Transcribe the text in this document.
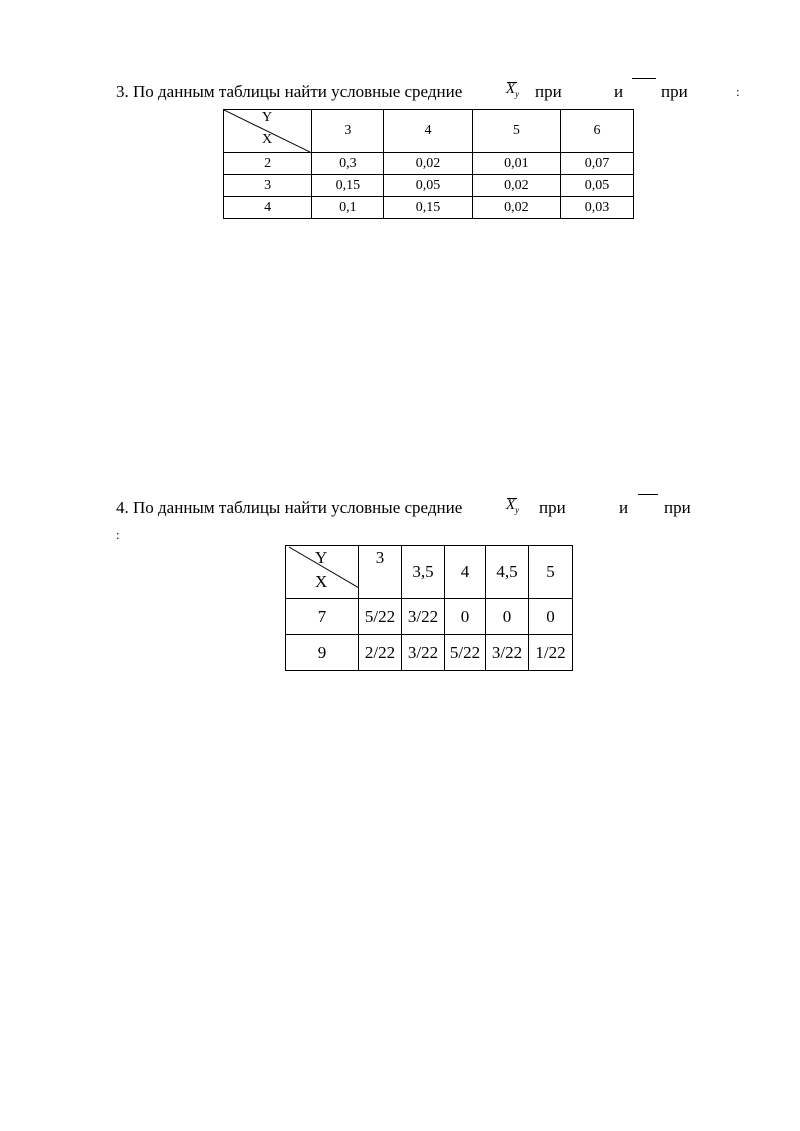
3. По данным таблицы найти условные средние	$X_y$ при	и при	:
Y
X	3	4	5	6
2	0,3	0,02	0,01	0,07
3	0,15	0,05	0,02	0,05
4	0,1	0,15	0,02	0,03
4. По данным таблицы найти условные средние	$X_y$ при	и при
:
Y
X	3	3,5	4	4,5	5
7	5/22	3/22	0	0	0
9	2/22	3/22	5/22	3/22	1/22
